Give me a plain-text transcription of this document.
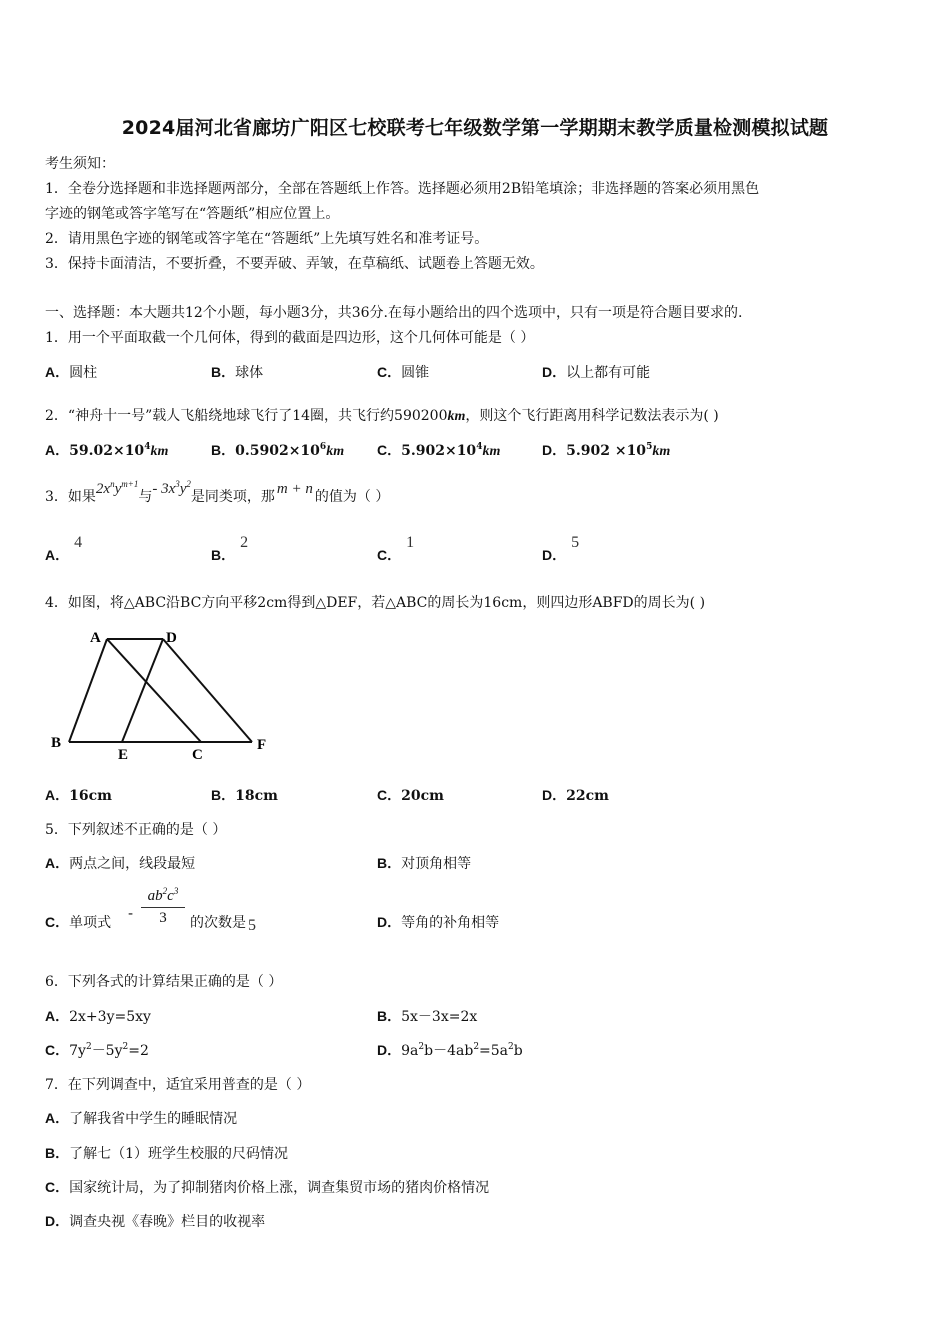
2024届河北省廊坊广阳区七校联考七年级数学第一学期期末教学质量检测模拟试题
考生须知：
1．全卷分选择题和非选择题两部分，全部在答题纸上作答。选择题必须用2B铅笔填涂；非选择题的答案必须用黑色
字迹的钢笔或答字笔写在“答题纸”相应位置上。
2．请用黑色字迹的钢笔或答字笔在“答题纸”上先填写姓名和准考证号。
3．保持卡面清洁，不要折叠，不要弄破、弄皱，在草稿纸、试题卷上答题无效。
一、选择题：本大题共12个小题，每小题3分，共36分.在每小题给出的四个选项中，只有一项是符合题目要求的.
1．用一个平面取截一个几何体，得到的截面是四边形，这个几何体可能是（ ）
A．圆柱	B．球体	C．圆锥	D．以上都有可能
2．“神舟十一号”载人飞船绕地球飞行了14圈，共飞行约590200km，则这个飞行距离用科学记数法表示为( )
A．$59.02\times 10^4km$	B．$0.5902\times 10^6km$ C．$5.902\times 10^4km$	D．$5.902 \times 10^5km$
3．如果$2x^ny^{m+1}$与- $3x^3y^2$是同类项，那 m + n 的值为（ ）
A．4
B．2
C．1
D．5
4．如图，将△ABC沿BC方向平移2cm得到△DEF，若△ABC的周长为16cm，则四边形ABFD的周长为( )
A	D
B
E	C
F
A．16cm	B．18cm	C．20cm	D．22cm
5．下列叙述不正确的是（ ）
A．两点之间，线段最短	B．对顶角相等
C．单项式
-
$ab^2c^3$
3	的次数是 5	D．等角的补角相等
6．下列各式的计算结果正确的是（ ）
A．2x+3y=5xy	B．5x－3x=2x
C．$7y^2-5y^2=2$	D．$9a^2b-4ab^2=5a^2b$
7．在下列调查中，适宜采用普查的是（ ）
A．了解我省中学生的睡眠情况
B．了解七（1）班学生校服的尺码情况
C．国家统计局，为了抑制猪肉价格上涨，调查集贸市场的猪肉价格情况
D．调查央视《春晚》栏目的收视率
